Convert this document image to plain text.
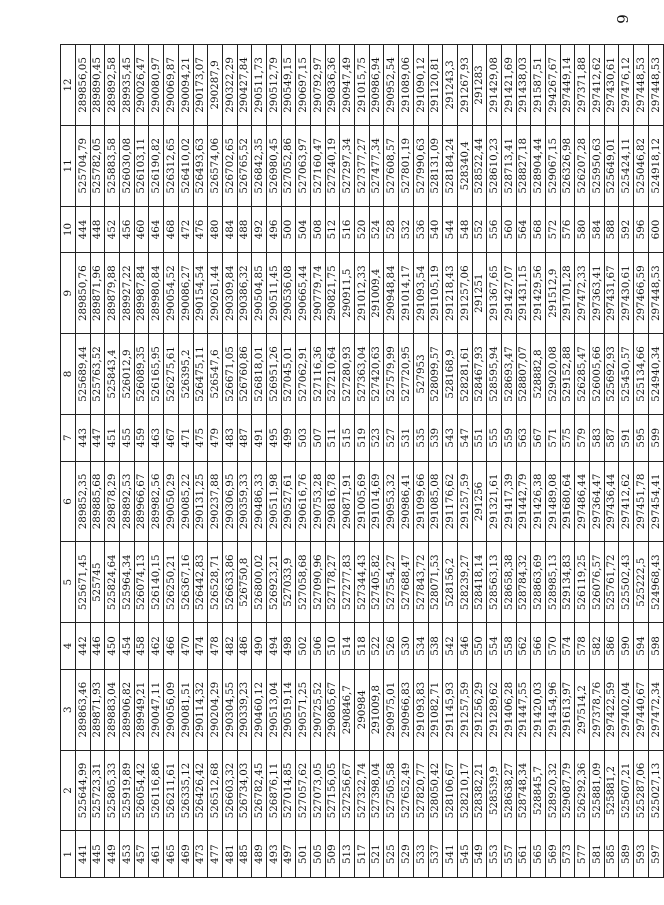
6
1	2	3	4	5	6	7	8	9	10	11	12
441	525644,99	289863,46	442	525671,45	289852,35	443	525689,44	289850,76	444	525704,79	289856,05
445	525723,31	289871,93	446	525745	289885,68	447	525763,52	289871,96	448	525782,05	289890,45
449	525805,33	289883,04	450	525824,64	289878,29	451	525843,4	289879,88	452	525883,58	289892,58
453	525919,89	289906,82	454	525964,34	289892,53	455	526012,9	289927,22	456	526030,08	289935,45
457	526054,42	289949,21	458	526074,13	289966,67	459	526089,35	289987,84	460	526103,11	290026,47
461	526116,86	290047,11	462	526140,15	289982,56	463	526165,95	289980,84	464	526190,82	290080,97
465	526211,61	290056,09	466	526250,21	290050,29	467	526275,61	290054,52	468	526312,65	290069,87
469	526335,12	290081,51	470	526367,16	290085,22	471	526395,2	290086,27	472	526410,02	290094,21
473	526426,42	290114,32	474	526442,83	290131,25	475	526475,11	290154,54	476	526493,63	290173,07
477	526512,68	290204,29	478	526528,71	290237,88	479	526547,6	290261,44	480	526574,06	290287,9
481	526603,32	290304,55	482	526633,86	290306,95	483	526671,05	290309,84	484	526702,65	290322,29
485	526734,03	290339,23	486	526750,8	290359,33	487	526760,86	290386,32	488	526765,52	290427,84
489	526782,45	290460,12	490	526800,02	290486,33	491	526818,01	290504,85	492	526842,35	290511,73
493	526876,11	290513,04	494	526923,21	290511,98	495	526951,26	290511,45	496	526980,45	290512,79
497	527014,85	290519,14	498	527033,9	290527,61	499	527045,01	290536,08	500	527052,86	290549,15
501	527057,62	290571,25	502	527058,68	290616,76	503	527062,91	290665,44	504	527063,97	290697,15
505	527073,05	290725,52	506	527090,96	290753,28	507	527116,36	290779,74	508	527160,47	290792,97
509	527156,05	290805,67	510	527178,27	290816,78	511	527210,64	290821,75	512	527240,19	290836,36
513	527256,67	290846,7	514	527277,83	290871,91	515	527280,93	290911,5	516	527297,34	290947,49
517	527322,74	290984	518	527344,43	291005,69	519	527363,04	291012,33	520	527377,27	291015,75
521	527398,04	291009,8	522	527405,82	291014,69	523	527420,63	291009,4	524	527477,34	290986,94
525	527505,58	290975,01	526	527554,27	290953,32	527	527579,99	290948,84	528	527608,57	290952,54
529	527652,49	290966,83	530	527688,47	290986,41	531	527720,95	291014,17	532	527801,19	291089,06
533	527820,77	291093,83	534	527843,72	291099,66	535	527953	291093,54	536	527990,63	291090,12
537	528050,42	291082,71	538	528071,53	291085,08	539	528099,57	291105,19	540	528131,09	291120,81
541	528106,67	291145,93	542	528156,2	291176,62	543	528168,9	291218,43	544	528184,24	291243,3
545	528210,17	291257,59	546	528239,27	291257,59	547	528281,61	291257,06	548	528340,4	291267,93
549	528382,21	291256,29	550	528418,14	291256	551	528467,93	291251	552	528522,44	291283
553	528539,9	291289,62	554	528563,13	291321,61	555	528595,94	291367,65	556	528610,23	291429,08
557	528638,27	291406,28	558	528658,38	291417,39	559	528693,47	291427,07	560	528713,41	291421,69
561	528748,34	291447,55	562	528784,32	291442,79	563	528807,07	291431,15	564	528827,18	291438,03
565	528845,7	291420,03	566	528863,69	291426,38	567	528882,8	291429,56	568	528904,44	291587,51
569	528920,32	291454,96	570	528985,13	291489,08	571	529020,08	291512,9	572	529067,15	294267,67
573	529087,79	291613,97	574	529134,83	291680,64	575	529152,88	291701,28	576	526326,98	297449,14
577	526292,36	297514,2	578	526119,25	297486,44	579	526285,47	297472,33	580	526207,28	297371,88
581	525881,09	297378,76	582	526076,57	297364,47	583	526005,66	297363,41	584	525950,63	297412,62
585	525881,2	297422,59	586	525761,72	297436,44	587	525692,93	297431,67	588	525649,01	297430,61
589	525607,21	297402,04	590	525502,43	297412,62	591	525450,57	297430,61	592	525424,11	297476,12
593	525287,06	297440,67	594	525222,5	297451,78	595	525134,66	297466,59	596	525046,82	297448,53
597	525027,13	297472,34	598	524968,43	297454,41	599	524940,34	297448,53	600	524918,12	297448,53
